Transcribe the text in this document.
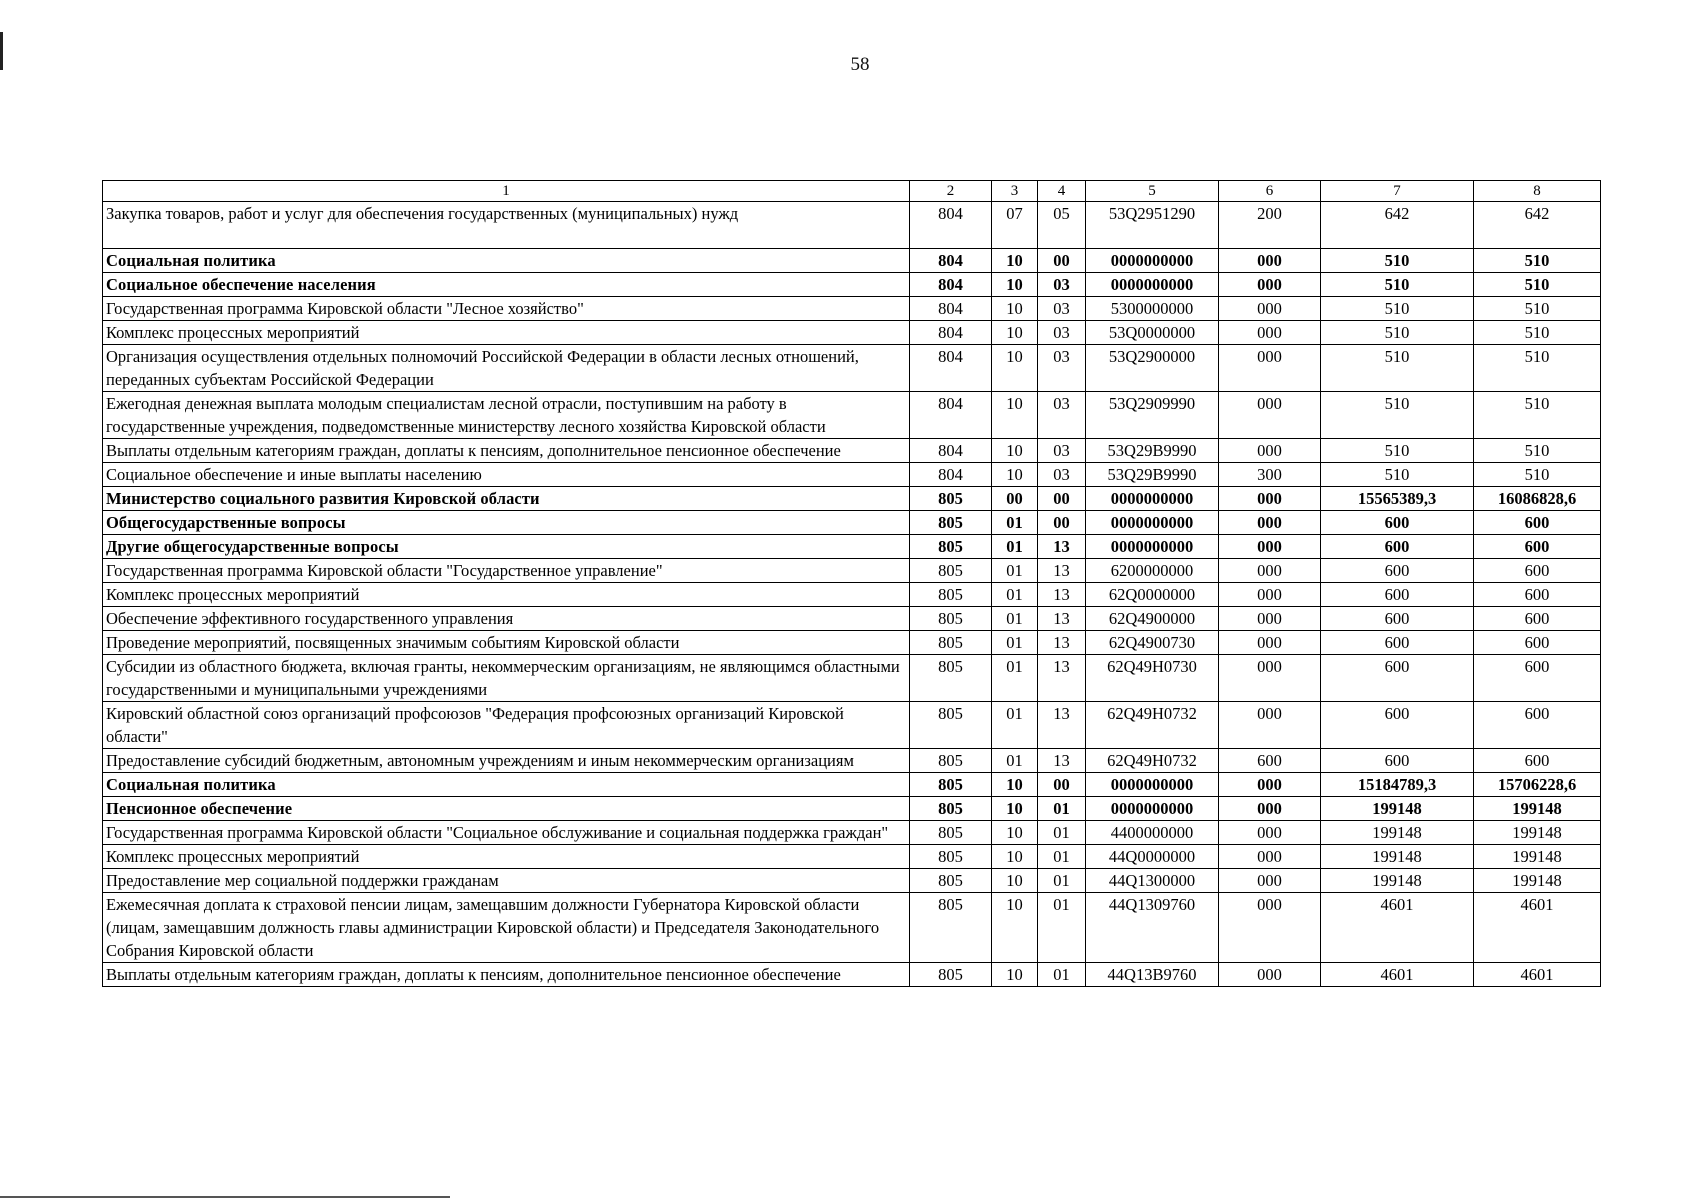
58
1	2	3	4	5	6	7	8
Закупка товаров, работ и услуг для обеспечения государственных (муниципальных) нужд	804	07	05	53Q2951290	200	642	642
Социальная политика	804	10	00	0000000000	000	510	510
Социальное обеспечение населения	804	10	03	0000000000	000	510	510
Государственная программа Кировской области "Лесное хозяйство"	804	10	03	5300000000	000	510	510
Комплекс процессных мероприятий	804	10	03	53Q0000000	000	510	510
Организация осуществления отдельных полномочий Российской Федерации в области лесных отношений, переданных субъектам Российской Федерации	804	10	03	53Q2900000	000	510	510
Ежегодная денежная выплата молодым специалистам лесной отрасли, поступившим на работу в государственные учреждения, подведомственные министерству лесного хозяйства Кировской области	804	10	03	53Q2909990	000	510	510
Выплаты отдельным категориям граждан, доплаты к пенсиям, дополнительное пенсионное обеспечение	804	10	03	53Q29B9990	000	510	510
Социальное обеспечение и иные выплаты населению	804	10	03	53Q29B9990	300	510	510
Министерство социального развития Кировской области	805	00	00	0000000000	000	15565389,3	16086828,6
Общегосударственные вопросы	805	01	00	0000000000	000	600	600
Другие общегосударственные вопросы	805	01	13	0000000000	000	600	600
Государственная программа Кировской области "Государственное управление"	805	01	13	6200000000	000	600	600
Комплекс процессных мероприятий	805	01	13	62Q0000000	000	600	600
Обеспечение эффективного государственного управления	805	01	13	62Q4900000	000	600	600
Проведение мероприятий, посвященных значимым событиям Кировской области	805	01	13	62Q4900730	000	600	600
Субсидии из областного бюджета, включая гранты, некоммерческим организациям, не являющимся областными государственными и муниципальными учреждениями	805	01	13	62Q49H0730	000	600	600
Кировский областной союз организаций профсоюзов "Федерация профсоюзных организаций Кировской области"	805	01	13	62Q49H0732	000	600	600
Предоставление субсидий бюджетным, автономным учреждениям и иным некоммерческим организациям	805	01	13	62Q49H0732	600	600	600
Социальная политика	805	10	00	0000000000	000	15184789,3	15706228,6
Пенсионное обеспечение	805	10	01	0000000000	000	199148	199148
Государственная программа Кировской области "Социальное обслуживание и социальная поддержка граждан"	805	10	01	4400000000	000	199148	199148
Комплекс процессных мероприятий	805	10	01	44Q0000000	000	199148	199148
Предоставление мер социальной поддержки гражданам	805	10	01	44Q1300000	000	199148	199148
Ежемесячная доплата к страховой пенсии лицам, замещавшим должности Губернатора Кировской области (лицам, замещавшим должность главы администрации Кировской области) и Председателя Законодательного Собрания Кировской области	805	10	01	44Q1309760	000	4601	4601
Выплаты отдельным категориям граждан, доплаты к пенсиям, дополнительное пенсионное обеспечение	805	10	01	44Q13B9760	000	4601	4601
